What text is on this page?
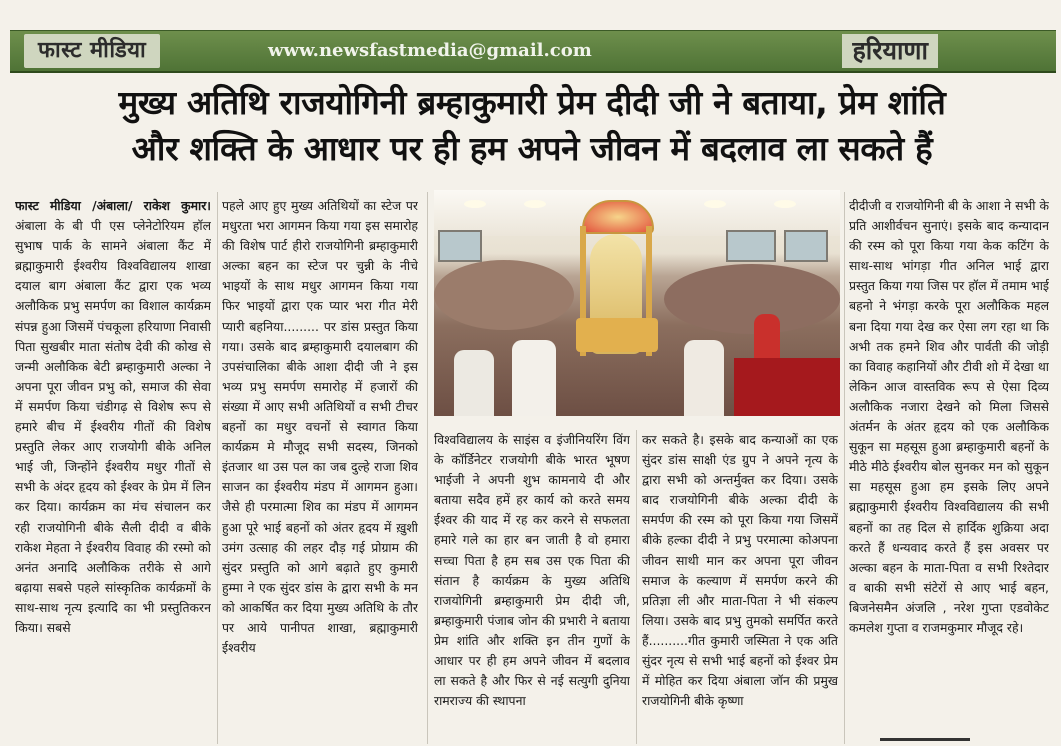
फास्ट मीडिया	www.newsfastmedia@gmail.com	हरियाणा
मुख्य अतिथि राजयोगिनी ब्रम्हाकुमारी प्रेम दीदी जी ने बताया, प्रेम शांति
और शक्ति के आधार पर ही हम अपने जीवन में बदलाव ला सकते हैं

फास्ट मीडिया /अंबाला/ राकेश कुमार। अंबाला के बी पी एस प्लेनेटोरियम हॉल सुभाष पार्क के सामने अंबाला कैंट में ब्रह्माकुमारी ईश्वरीय विश्वविद्यालय शाखा दयाल बाग अंबाला कैंट द्वारा एक भव्य अलौकिक प्रभु समर्पण का विशाल कार्यक्रम संपन्न हुआ जिसमें पंचकूला हरियाणा निवासी पिता सुखबीर माता संतोष देवी की कोख से जन्मी अलौकिक बेटी ब्रम्हाकुमारी अल्का ने अपना पूरा जीवन प्रभु को, समाज की सेवा में समर्पण किया चंडीगढ़ से विशेष रूप से हमारे बीच में ईश्वरीय गीतों की विशेष प्रस्तुति लेकर आए राजयोगी बीके अनिल भाई जी, जिन्होंने ईश्वरीय मधुर गीतों से सभी के अंदर हृदय को ईश्वर के प्रेम में लिन कर दिया। कार्यक्रम का मंच संचालन कर रही राजयोगिनी बीके सैली दीदी व बीके राकेश मेहता ने ईश्वरीय विवाह की रस्मो को अनंत अनादि अलौकिक तरीके से आगे बढ़ाया सबसे पहले सांस्कृतिक कार्यक्रमों के साथ-साथ नृत्य इत्यादि का भी प्रस्तुतिकरन किया। सबसे

पहले आए हुए मुख्य अतिथियों का स्टेज पर मधुरता भरा आगमन किया गया इस समारोह की विशेष पार्ट हीरो राजयोगिनी ब्रम्हाकुमारी अल्का बहन का स्टेज पर चुन्नी के नीचे भाइयों के साथ मधुर आगमन किया गया फिर भाइयों द्वारा एक प्यार भरा गीत मेरी प्यारी बहनिया......... पर डांस प्रस्तुत किया गया। उसके बाद ब्रम्हाकुमारी दयालबाग की उपसंचालिका बीके आशा दीदी जी ने इस भव्य प्रभु समर्पण समारोह में हजारों की संख्या में आए सभी अतिथियों व सभी टीचर बहनों का मधुर वचनों से स्वागत किया कार्यक्रम मे मौजूद सभी सदस्य, जिनको इंतजार था उस पल का जब दुल्हे राजा शिव साजन का ईश्वरीय मंडप में आगमन हुआ। जैसे ही परमात्मा शिव का मंडप में आगमन हुआ पूरे भाई बहनों को अंतर हृदय में ख़ुशी उमंग उत्साह की लहर दौड़ गई प्रोग्राम की सुंदर प्रस्तुति को आगे बढ़ाते हुए कुमारी हुम्मा ने एक सुंदर डांस के द्वारा सभी के मन को आकर्षित कर दिया मुख्य अतिथि के तौर पर आये पानीपत शाखा, ब्रह्माकुमारी ईश्वरीय

विश्वविद्यालय के साइंस व इंजीनियरिंग विंग के कॉर्डिनेटर राजयोगी बीके भारत भूषण भाईजी ने अपनी शुभ कामनाये दी और बताया सदैव हमें हर कार्य को करते समय ईश्वर की याद में रह कर करने से सफलता हमारे गले का हार बन जाती है वो हमारा सच्चा पिता है हम सब उस एक पिता की संतान है कार्यक्रम के मुख्य अतिथि राजयोगिनी ब्रम्हाकुमारी प्रेम दीदी जी, ब्रम्हाकुमारी पंजाब जोन की प्रभारी ने बताया प्रेम शांति और शक्ति इन तीन गुणों के आधार पर ही हम अपने जीवन में बदलाव ला सकते है और फिर से नई सत्युगी दुनिया रामराज्य की स्थापना

कर सकते है। इसके बाद कन्याओं का एक सुंदर डांस साक्षी एंड ग्रुप ने अपने नृत्य के द्वारा सभी को अन्तर्मुक्त कर दिया। उसके बाद राजयोगिनी बीके अल्का दीदी के समर्पण की रस्म को पूरा किया गया जिसमें बीके हल्का दीदी ने प्रभु परमात्मा कोअपना जीवन साथी मान कर अपना पूरा जीवन समाज के कल्याण में समर्पण करने की प्रतिज्ञा ली और माता-पिता ने भी संकल्प लिया। उसके बाद प्रभु तुमको समर्पित करते हैं..........गीत कुमारी जस्मिता ने एक अति सुंदर नृत्य से सभी भाई बहनों को ईश्वर प्रेम में मोहित कर दिया अंबाला जॉन की प्रमुख राजयोगिनी बीके कृष्णा

दीदीजी व राजयोगिनी बी के आशा ने सभी के प्रति आशीर्वचन सुनाएं। इसके बाद कन्यादान की रस्म को पूरा किया गया केक कटिंग के साथ-साथ भांगड़ा गीत अनिल भाई द्वारा प्रस्तुत किया गया जिस पर हॉल में तमाम भाई बहनो ने भंगड़ा करके पूरा अलौकिक महल बना दिया गया देख कर ऐसा लग रहा था कि अभी तक हमने शिव और पार्वती की जोड़ी का विवाह कहानियों और टीवी शो में देखा था लेकिन आज वास्तविक रूप से ऐसा दिव्य अलौकिक नजारा देखने को मिला जिससे अंतर्मन के अंतर हृदय को एक अलौकिक सुकून सा महसूस हुआ ब्रम्हाकुमारी बहनों के मीठे मीठे ईश्वरीय बोल सुनकर मन को सुकून सा महसूस हुआ हम इसके लिए अपने ब्रह्माकुमारी ईश्वरीय विश्वविद्यालय की सभी बहनों का तह दिल से हार्दिक शुक्रिया अदा करते हैं धन्यवाद करते हैं इस अवसर पर अल्का बहन के माता-पिता व सभी रिश्तेदार व बाकी सभी संटेरों से आए भाई बहन, बिजनेसमैन अंजलि , नरेश गुप्ता एडवोकेट कमलेश गुप्ता व राजमकुमार मौजूद रहे।
